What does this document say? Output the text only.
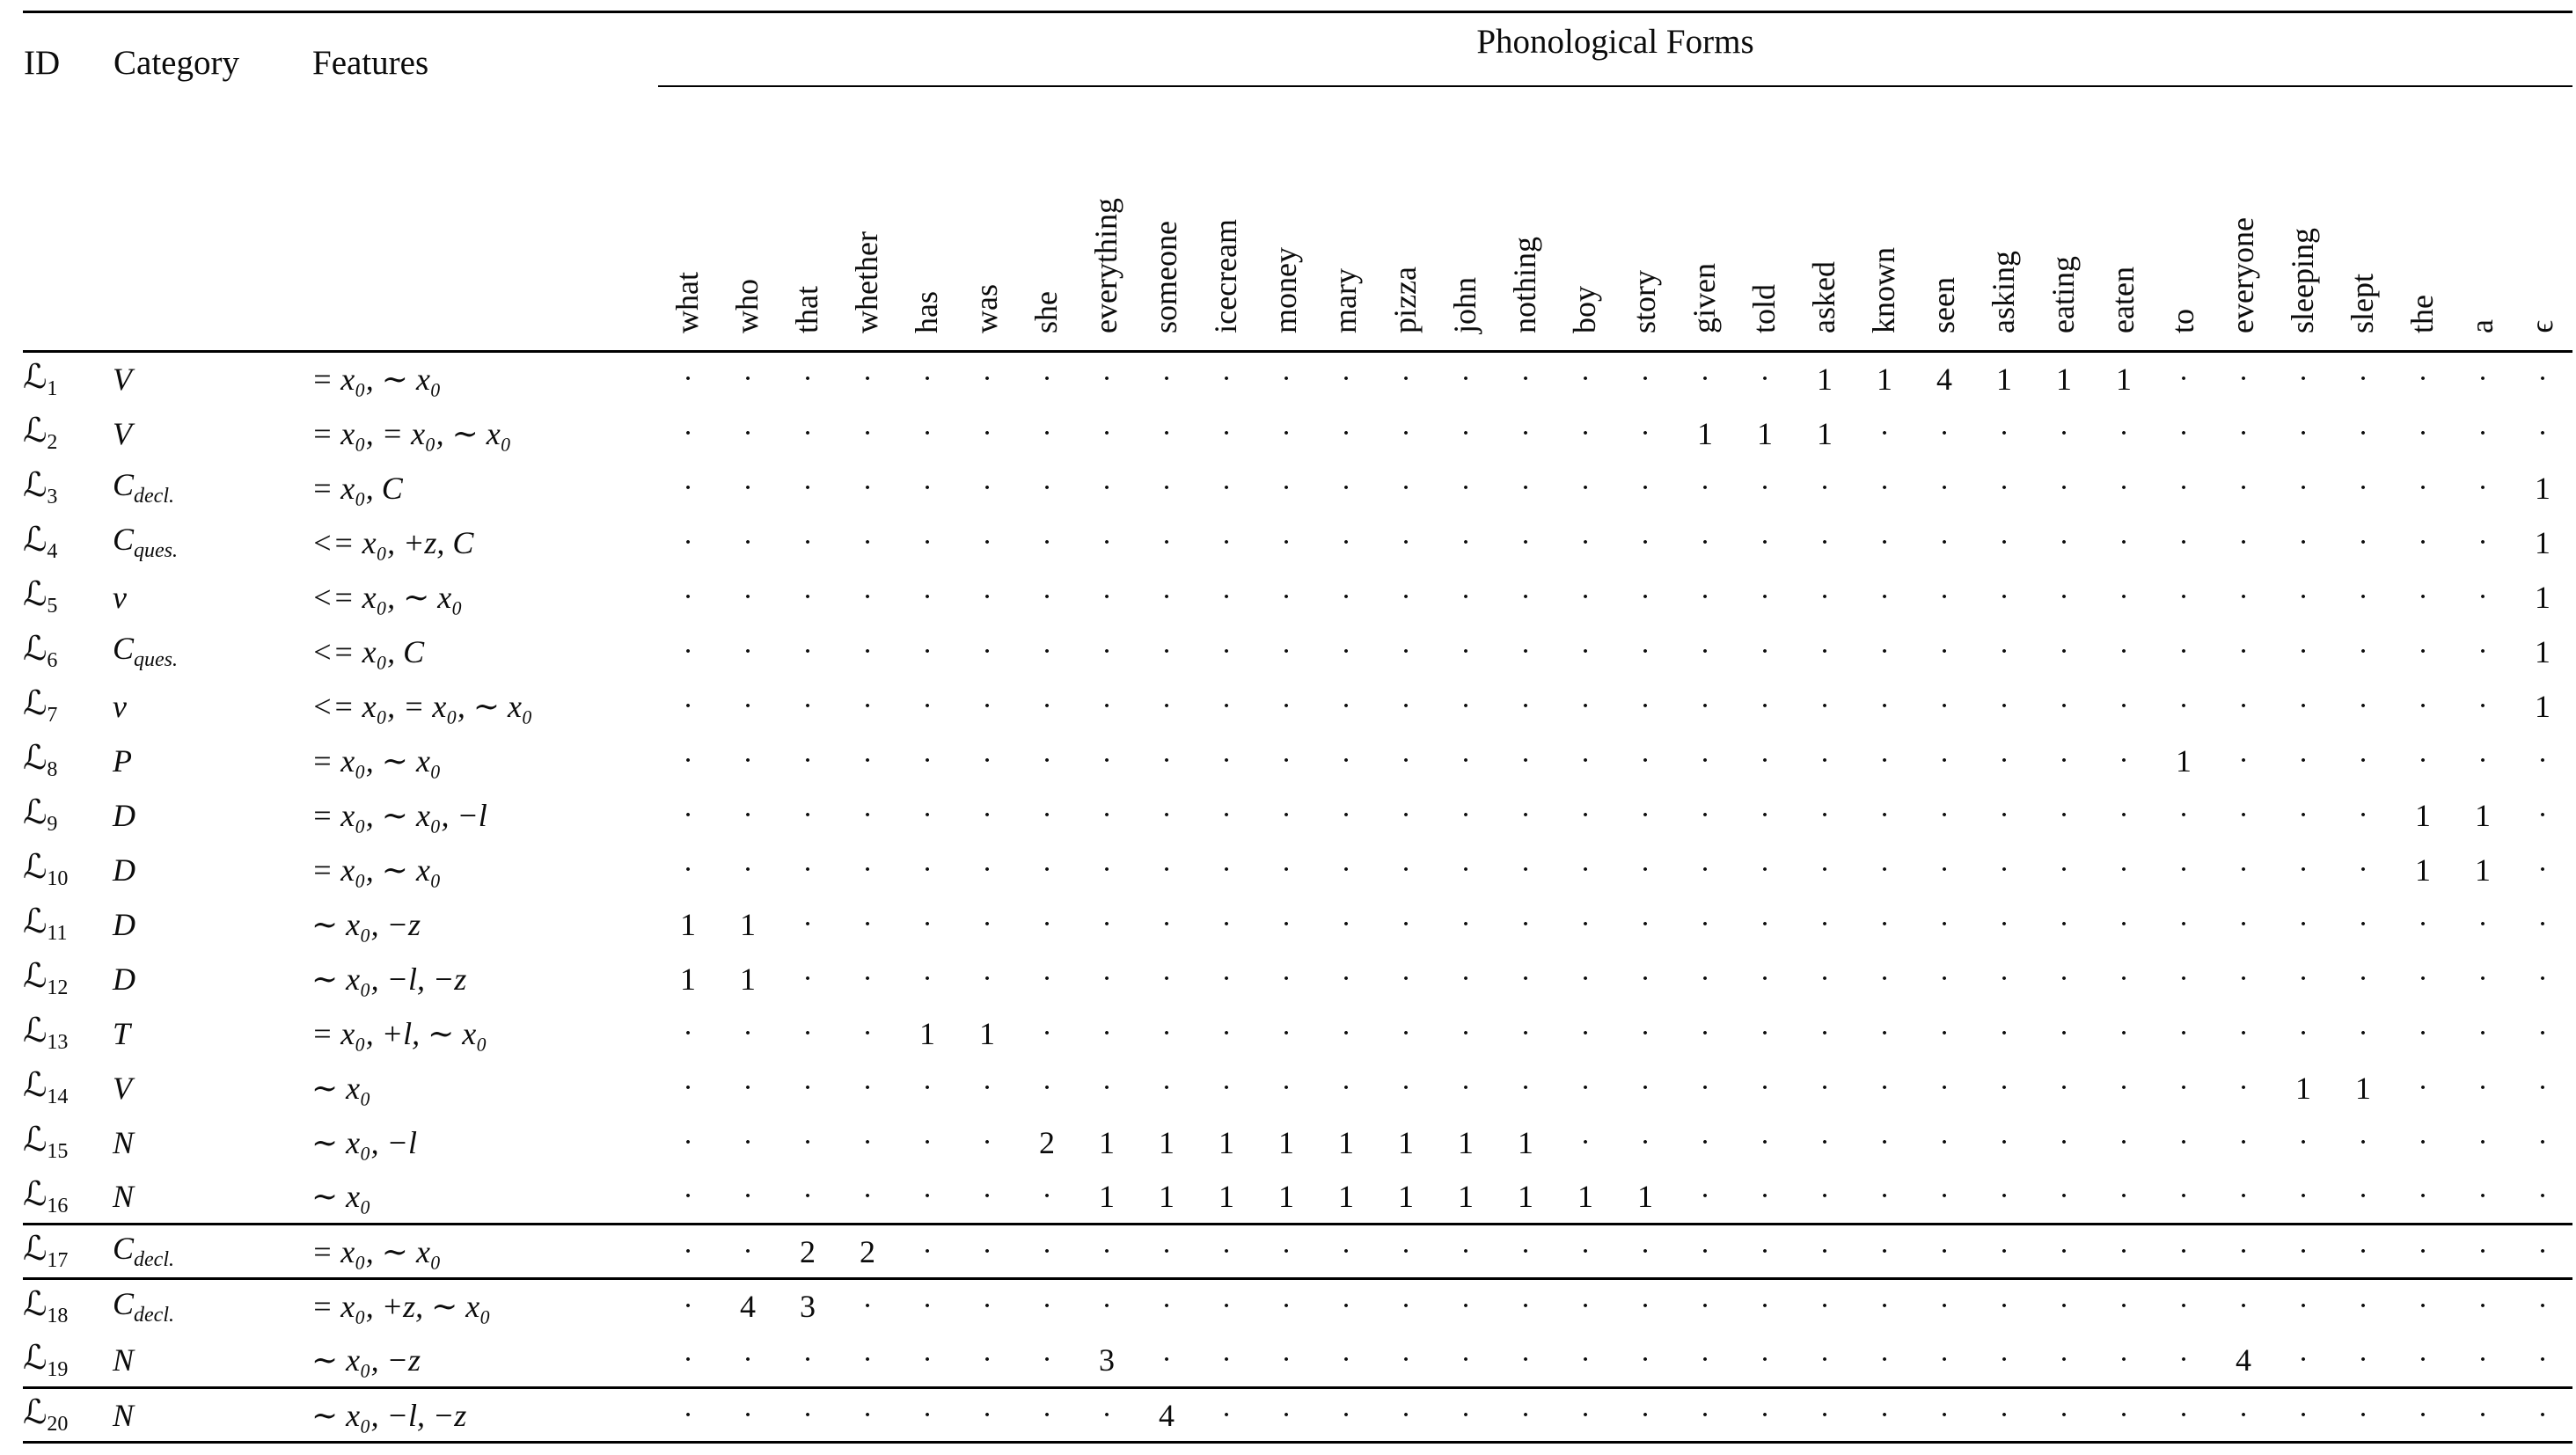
ID	Category	Features	Phonological Forms																															
			what	who	that	whether	has	was	she	everything	someone	icecream	money	mary	pizza	john	nothing	boy	story	given	told	asked	known	seen	asking	eating	eaten	to	everyone	sleeping	slept	the	a	ϵ
ℒ$_1$	V	= x₀, ∼ x₀	·	·	·	·	·	·	·	·	·	·	·	·	·	·	·	·	·	·	·	1	1	4	1	1	1	·	·	·	·	·	·	·
ℒ$_2$	V	= x₀, = x₀, ∼ x₀	·	·	·	·	·	·	·	·	·	·	·	·	·	·	·	·	·	1	1	1	·	·	·	·	·	·	·	·	·	·	·	·
ℒ$_3$	$C_{decl.}$	= x₀, C	·	·	·	·	·	·	·	·	·	·	·	·	·	·	·	·	·	·	·	·	·	·	·	·	·	·	·	·	·	·	·	1
ℒ$_4$	$C_{ques.}$	<= x₀, +z, C	·	·	·	·	·	·	·	·	·	·	·	·	·	·	·	·	·	·	·	·	·	·	·	·	·	·	·	·	·	·	·	1
ℒ$_5$	v	<= x₀, ∼ x₀	·	·	·	·	·	·	·	·	·	·	·	·	·	·	·	·	·	·	·	·	·	·	·	·	·	·	·	·	·	·	·	1
ℒ$_6$	$C_{ques.}$	<= x₀, C	·	·	·	·	·	·	·	·	·	·	·	·	·	·	·	·	·	·	·	·	·	·	·	·	·	·	·	·	·	·	·	1
ℒ$_7$	v	<= x₀, = x₀, ∼ x₀	·	·	·	·	·	·	·	·	·	·	·	·	·	·	·	·	·	·	·	·	·	·	·	·	·	·	·	·	·	·	·	1
ℒ$_8$	P	= x₀, ∼ x₀	·	·	·	·	·	·	·	·	·	·	·	·	·	·	·	·	·	·	·	·	·	·	·	·	·	1	·	·	·	·	·	·
ℒ$_9$	D	= x₀, ∼ x₀, −l	·	·	·	·	·	·	·	·	·	·	·	·	·	·	·	·	·	·	·	·	·	·	·	·	·	·	·	·	·	1	1	·
ℒ$_{10}$	D	= x₀, ∼ x₀	·	·	·	·	·	·	·	·	·	·	·	·	·	·	·	·	·	·	·	·	·	·	·	·	·	·	·	·	·	1	1	·
ℒ$_{11}$	D	∼ x₀, −z	1	1	·	·	·	·	·	·	·	·	·	·	·	·	·	·	·	·	·	·	·	·	·	·	·	·	·	·	·	·	·	·
ℒ$_{12}$	D	∼ x₀, −l, −z	1	1	·	·	·	·	·	·	·	·	·	·	·	·	·	·	·	·	·	·	·	·	·	·	·	·	·	·	·	·	·	·
ℒ$_{13}$	T	= x₀, +l, ∼ x₀	·	·	·	·	1	1	·	·	·	·	·	·	·	·	·	·	·	·	·	·	·	·	·	·	·	·	·	·	·	·	·	·
ℒ$_{14}$	V	∼ x₀	·	·	·	·	·	·	·	·	·	·	·	·	·	·	·	·	·	·	·	·	·	·	·	·	·	·	·	1	1	·	·	·
ℒ$_{15}$	N	∼ x₀, −l	·	·	·	·	·	·	2	1	1	1	1	1	1	1	1	·	·	·	·	·	·	·	·	·	·	·	·	·	·	·	·	·
ℒ$_{16}$	N	∼ x₀	·	·	·	·	·	·	·	1	1	1	1	1	1	1	1	1	1	·	·	·	·	·	·	·	·	·	·	·	·	·	·	·
ℒ$_{17}$	$C_{decl.}$	= x₀, ∼ x₀	·	·	2	2	·	·	·	·	·	·	·	·	·	·	·	·	·	·	·	·	·	·	·	·	·	·	·	·	·	·	·	·
ℒ$_{18}$	$C_{decl.}$	= x₀, +z, ∼ x₀	·	4	3	·	·	·	·	·	·	·	·	·	·	·	·	·	·	·	·	·	·	·	·	·	·	·	·	·	·	·	·	·
ℒ$_{19}$	N	∼ x₀, −z	·	·	·	·	·	·	·	3	·	·	·	·	·	·	·	·	·	·	·	·	·	·	·	·	·	·	4	·	·	·	·	·
ℒ$_{20}$	N	∼ x₀, −l, −z	·	·	·	·	·	·	·	·	4	·	·	·	·	·	·	·	·	·	·	·	·	·	·	·	·	·	·	·	·	·	·	·
